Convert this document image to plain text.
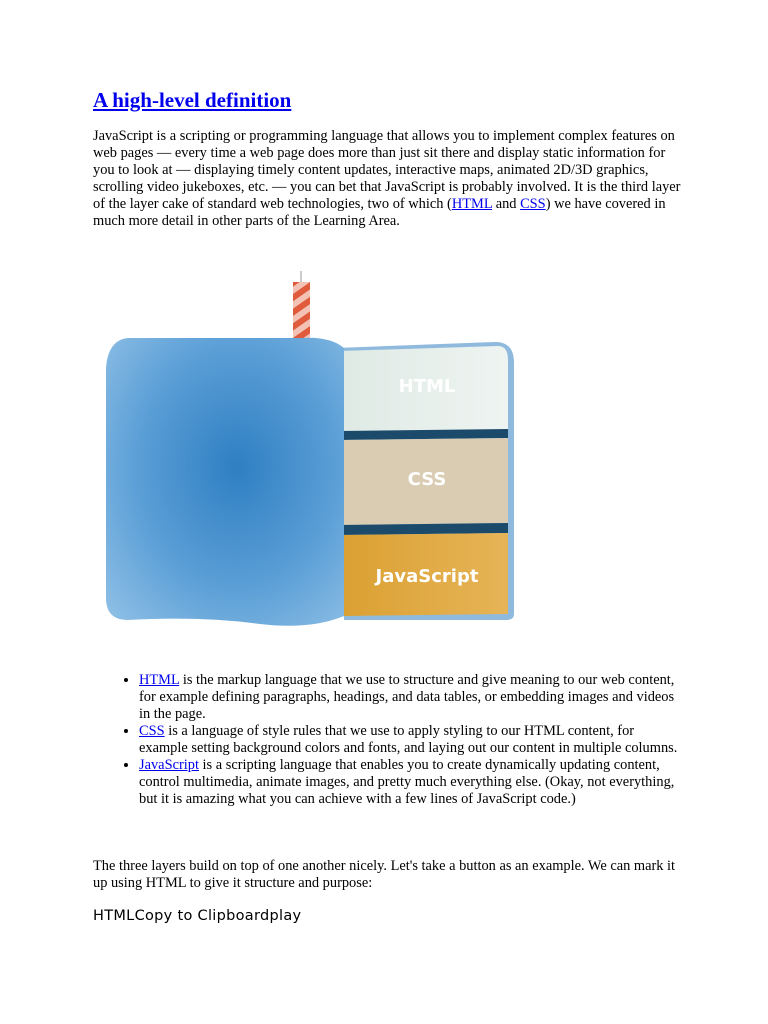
A high-level definition

JavaScript is a scripting or programming language that allows you to implement complex features on web pages — every time a web page does more than just sit there and display static information for you to look at — displaying timely content updates, interactive maps, animated 2D/3D graphics, scrolling video jukeboxes, etc. — you can bet that JavaScript is probably involved. It is the third layer of the layer cake of standard web technologies, two of which (HTML and CSS) we have covered in much more detail in other parts of the Learning Area.

HTML
CSS
JavaScript
• HTML is the markup language that we use to structure and give meaning to our web content, for example defining paragraphs, headings, and data tables, or embedding images and videos in the page.
• CSS is a language of style rules that we use to apply styling to our HTML content, for example setting background colors and fonts, and laying out our content in multiple columns.
• JavaScript is a scripting language that enables you to create dynamically updating content, control multimedia, animate images, and pretty much everything else. (Okay, not everything, but it is amazing what you can achieve with a few lines of JavaScript code.)

The three layers build on top of one another nicely. Let's take a button as an example. We can mark it up using HTML to give it structure and purpose:

HTMLCopy to Clipboardplay
